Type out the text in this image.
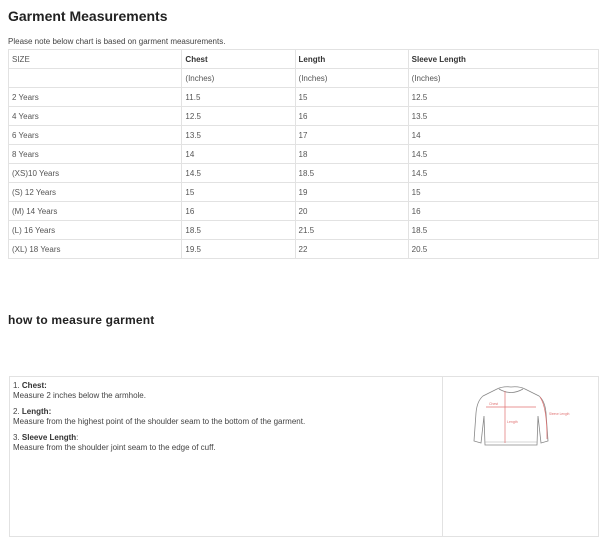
Garment Measurements

Please note below chart is based on garment measurements.

SIZE	Chest	Length	Sleeve Length
	(Inches)	(Inches)	(Inches)
2 Years	11.5	15	12.5
4 Years	12.5	16	13.5
6 Years	13.5	17	14
8 Years	14	18	14.5
(XS)10 Years	14.5	18.5	14.5
(S) 12 Years	15	19	15
(M) 14 Years	16	20	16
(L) 16 Years	18.5	21.5	18.5
(XL) 18 Years	19.5	22	20.5
how to measure garment
1. Chest:
Measure 2 inches below the armhole.
2. Length:
Measure from the highest point of the shoulder seam to the bottom of the garment.
3. Sleeve Length:
Measure from the shoulder joint seam to the edge of cuff.
Chest
Length
Sleeve Length
